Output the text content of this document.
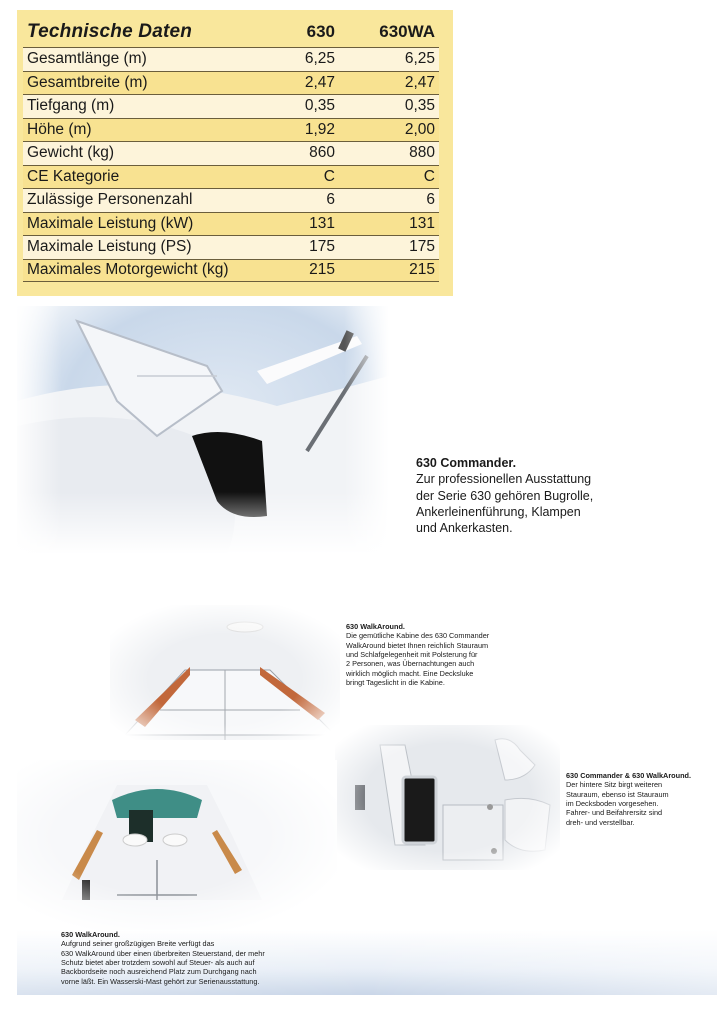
Technische Daten	630	630WA
Gesamtlänge (m)	6,25	6,25
Gesamtbreite (m)	2,47	2,47
Tiefgang (m)	0,35	0,35
Höhe (m)	1,92	2,00
Gewicht (kg)	860	880
CE Kategorie	C	C
Zulässige Personenzahl	6	6
Maximale Leistung (kW)	131	131
Maximale Leistung (PS)	175	175
Maximales Motorgewicht (kg)	215	215
630 Commander.
Zur professionellen Ausstattung
der Serie 630 gehören Bugrolle,
Ankerleinenführung, Klampen
und Ankerkasten.
630 WalkAround.
Die gemütliche Kabine des 630 Commander
WalkAround bietet Ihnen reichlich Stauraum
und Schlafgelegenheit mit Polsterung für
2 Personen, was Übernachtungen auch
wirklich möglich macht. Eine Decksluke
bringt Tageslicht in die Kabine.
630 Commander & 630 WalkAround.
Der hintere Sitz birgt weiteren
Stauraum, ebenso ist Stauraum
im Decksboden vorgesehen.
Fahrer- und Beifahrersitz sind
dreh- und verstellbar.
630 WalkAround.
Aufgrund seiner großzügigen Breite verfügt das
630 WalkAround über einen überbreiten Steuerstand, der mehr
Schutz bietet aber trotzdem sowohl auf Steuer- als auch auf
Backbordseite noch ausreichend Platz zum Durchgang nach
vorne läßt. Ein Wasserski-Mast gehört zur Serienausstattung.
